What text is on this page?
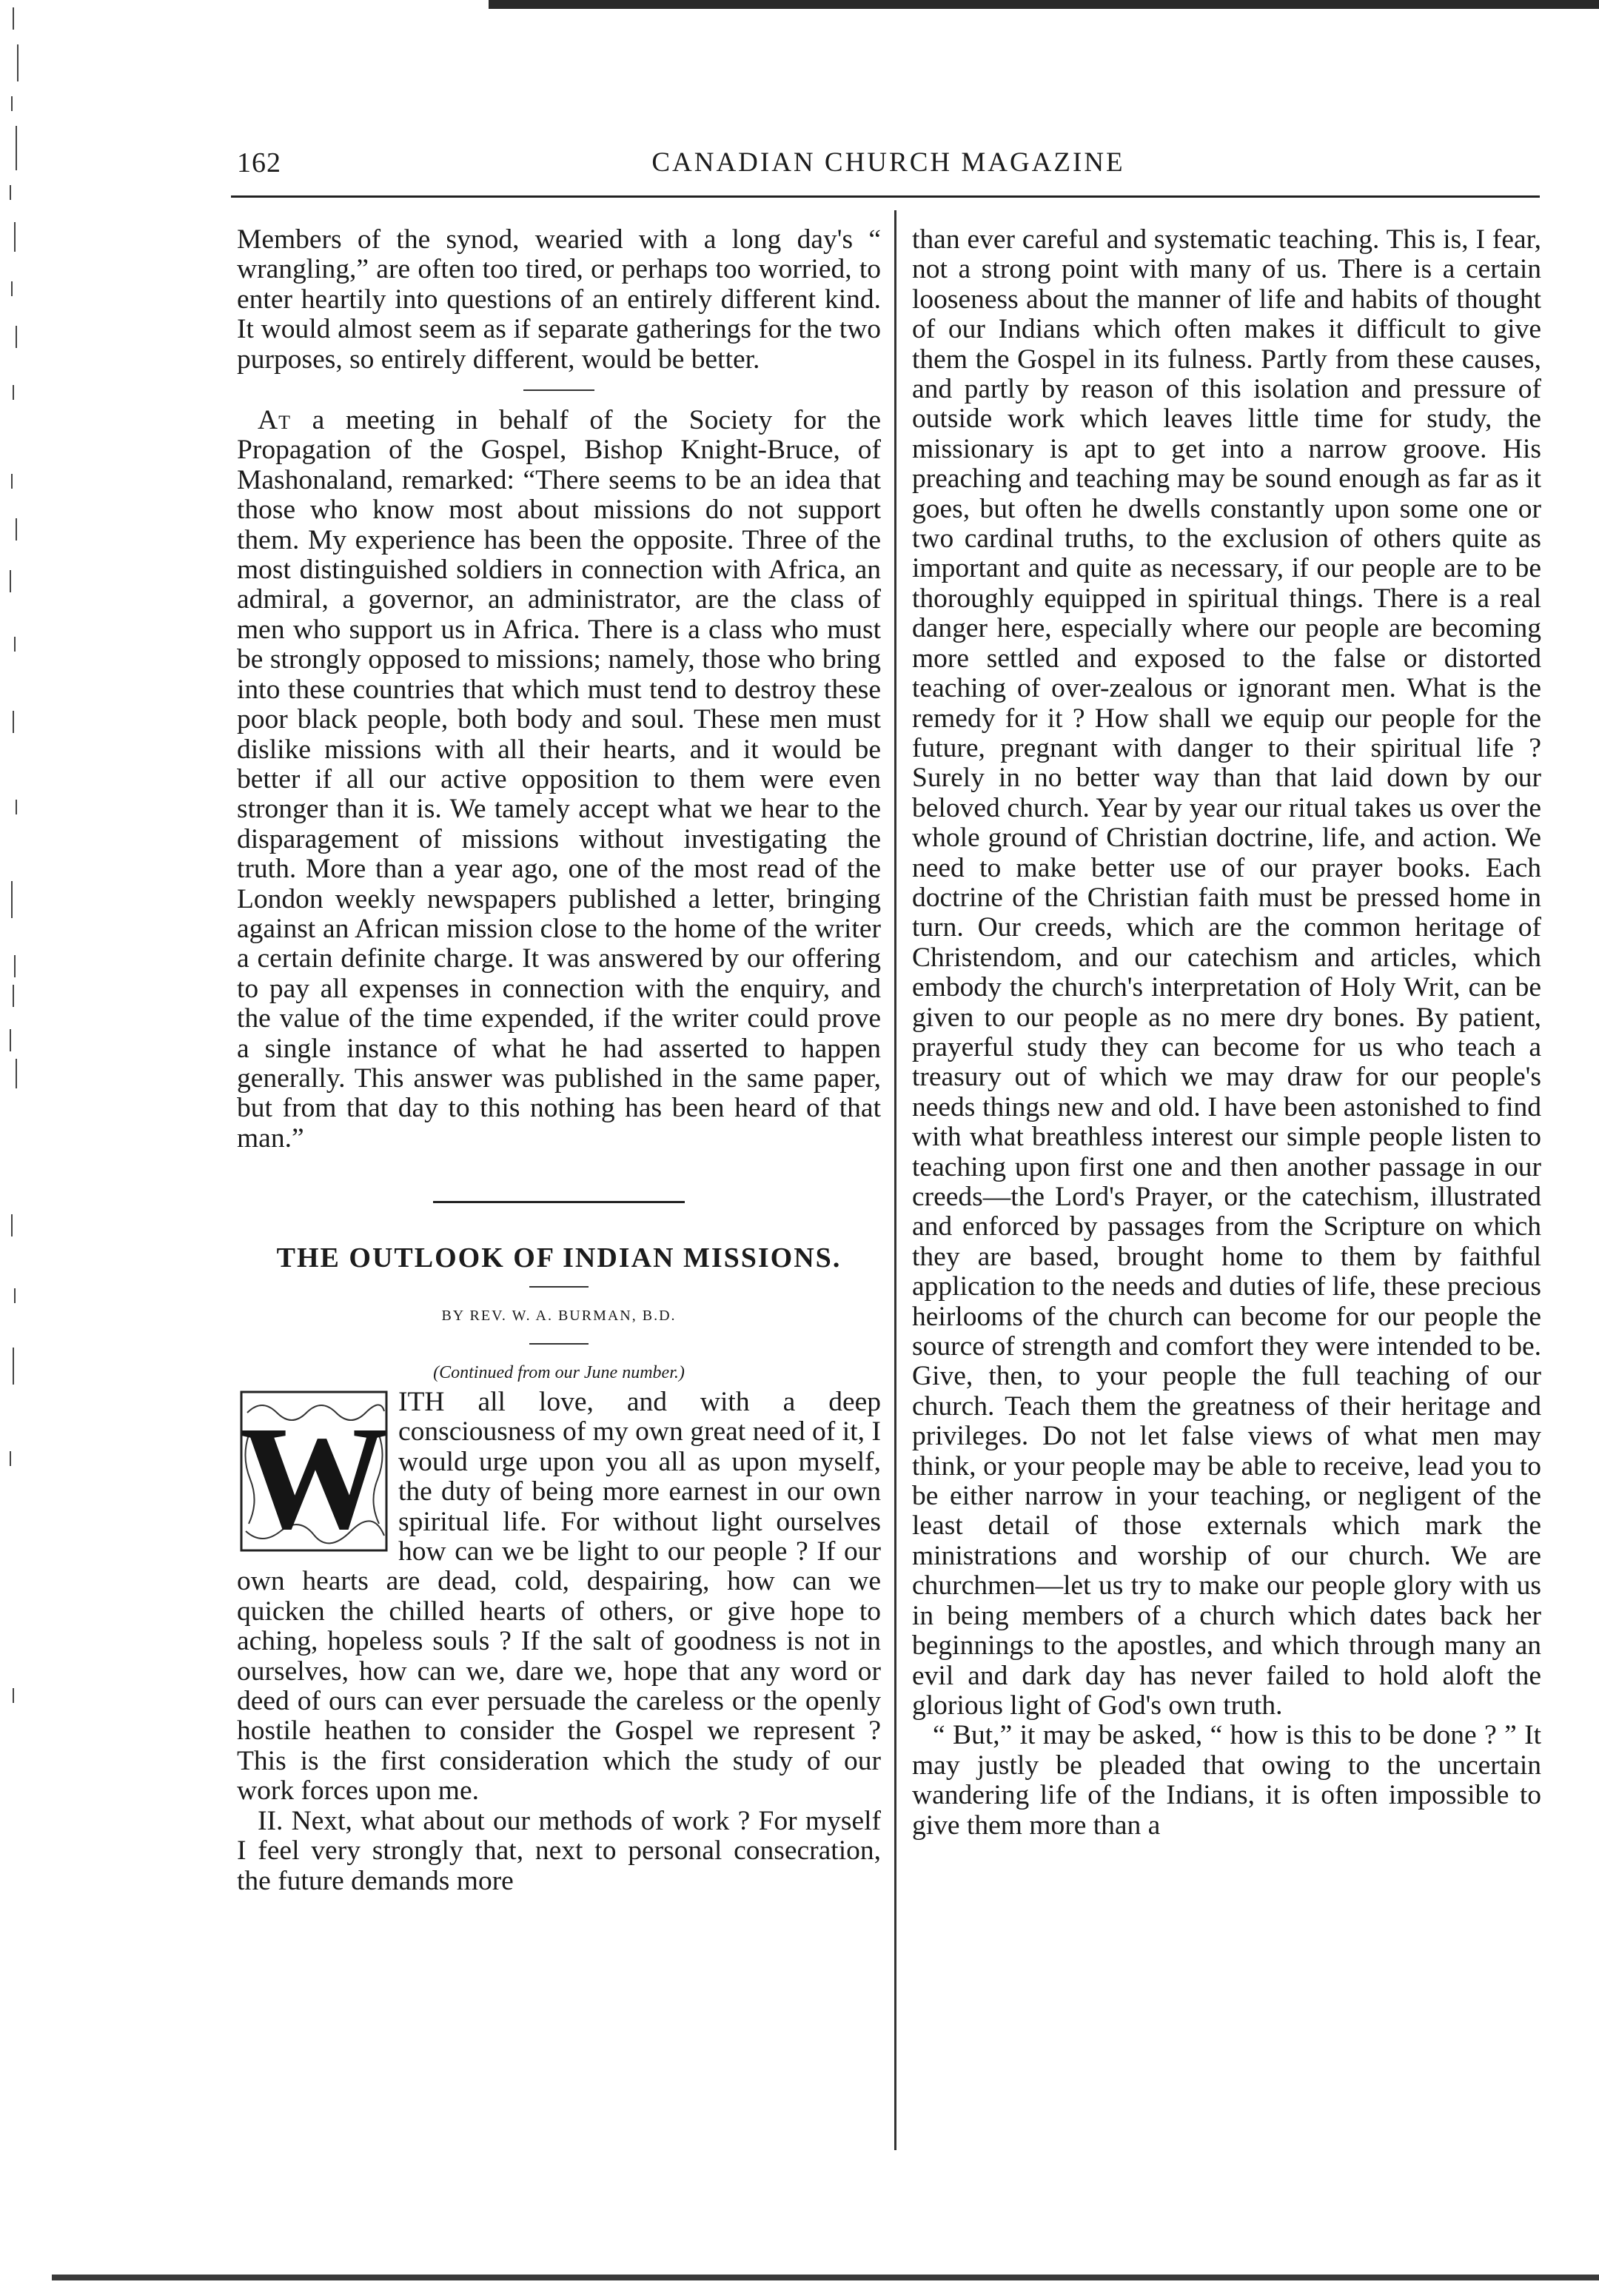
162	CANADIAN CHURCH MAGAZINE

Members of the synod, wearied with a long day's “ wrangling,” are often too tired, or perhaps too worried, to enter heartily into questions of an entirely different kind. It would almost seem as if separate gatherings for the two purposes, so entirely different, would be better.

At a meeting in behalf of the Society for the Propagation of the Gospel, Bishop Knight-Bruce, of Mashonaland, remarked: “There seems to be an idea that those who know most about missions do not support them. My experience has been the opposite. Three of the most distinguished soldiers in connection with Africa, an admiral, a governor, an administrator, are the class of men who support us in Africa. There is a class who must be strongly opposed to missions; namely, those who bring into these countries that which must tend to destroy these poor black people, both body and soul. These men must dislike missions with all their hearts, and it would be better if all our active opposition to them were even stronger than it is. We tamely accept what we hear to the disparagement of missions without investigating the truth. More than a year ago, one of the most read of the London weekly newspapers published a letter, bringing against an African mission close to the home of the writer a certain definite charge. It was answered by our offering to pay all expenses in connection with the enquiry, and the value of the time expended, if the writer could prove a single instance of what he had asserted to happen generally. This answer was published in the same paper, but from that day to this nothing has been heard of that man.”

THE OUTLOOK OF INDIAN MISSIONS.

BY REV. W. A. BURMAN, B.D.

(Continued from our June number.)

W ITH all love, and with a deep consciousness of my own great need of it, I would urge upon you all as upon myself, the duty of being more earnest in our own spiritual life. For without light ourselves how can we be light to our people ? If our own hearts are dead, cold, despairing, how can we quicken the chilled hearts of others, or give hope to aching, hopeless souls ? If the salt of goodness is not in ourselves, how can we, dare we, hope that any word or deed of ours can ever persuade the careless or the openly hostile heathen to consider the Gospel we represent ? This is the first consideration which the study of our work forces upon me.

II. Next, what about our methods of work ? For myself I feel very strongly that, next to personal consecration, the future demands more

than ever careful and systematic teaching. This is, I fear, not a strong point with many of us. There is a certain looseness about the manner of life and habits of thought of our Indians which often makes it difficult to give them the Gospel in its fulness. Partly from these causes, and partly by reason of this isolation and pressure of outside work which leaves little time for study, the missionary is apt to get into a narrow groove. His preaching and teaching may be sound enough as far as it goes, but often he dwells constantly upon some one or two cardinal truths, to the exclusion of others quite as important and quite as necessary, if our people are to be thoroughly equipped in spiritual things. There is a real danger here, especially where our people are becoming more settled and exposed to the false or distorted teaching of over-zealous or ignorant men. What is the remedy for it ? How shall we equip our people for the future, pregnant with danger to their spiritual life ? Surely in no better way than that laid down by our beloved church. Year by year our ritual takes us over the whole ground of Christian doctrine, life, and action. We need to make better use of our prayer books. Each doctrine of the Christian faith must be pressed home in turn. Our creeds, which are the common heritage of Christendom, and our catechism and articles, which embody the church's interpretation of Holy Writ, can be given to our people as no mere dry bones. By patient, prayerful study they can become for us who teach a treasury out of which we may draw for our people's needs things new and old. I have been astonished to find with what breathless interest our simple people listen to teaching upon first one and then another passage in our creeds—the Lord's Prayer, or the catechism, illustrated and enforced by passages from the Scripture on which they are based, brought home to them by faithful application to the needs and duties of life, these precious heirlooms of the church can become for our people the source of strength and comfort they were intended to be. Give, then, to your people the full teaching of our church. Teach them the greatness of their heritage and privileges. Do not let false views of what men may think, or your people may be able to receive, lead you to be either narrow in your teaching, or negligent of the least detail of those externals which mark the ministrations and worship of our church. We are churchmen—let us try to make our people glory with us in being members of a church which dates back her beginnings to the apostles, and which through many an evil and dark day has never failed to hold aloft the glorious light of God's own truth.

“ But,” it may be asked, “ how is this to be done ? ” It may justly be pleaded that owing to the uncertain wandering life of the Indians, it is often impossible to give them more than a
